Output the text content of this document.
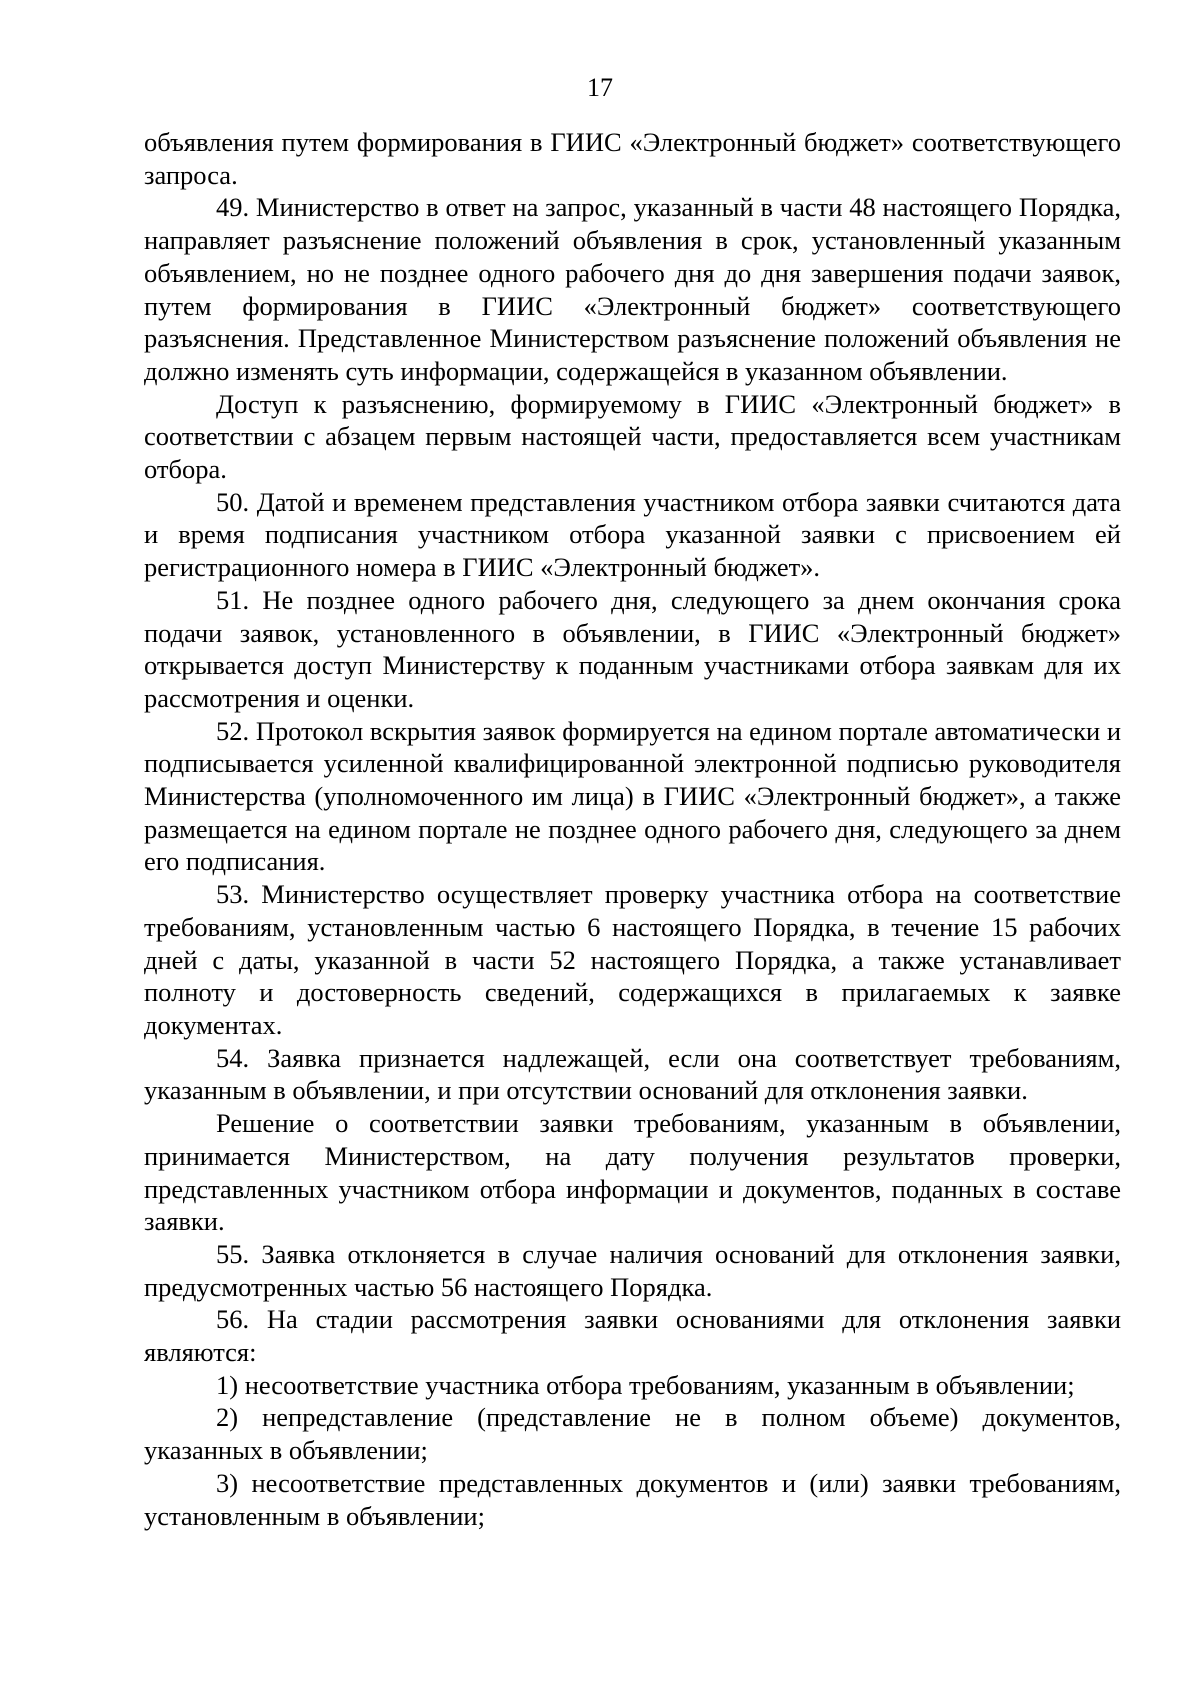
17

объявления путем формирования в ГИИС «Электронный бюджет» соответствующего запроса.

49. Министерство в ответ на запрос, указанный в части 48 настоящего Порядка, направляет разъяснение положений объявления в срок, установленный указанным объявлением, но не позднее одного рабочего дня до дня завершения подачи заявок, путем формирования в ГИИС «Электронный бюджет» соответствующего разъяснения. Представленное Министерством разъяснение положений объявления не должно изменять суть информации, содержащейся в указанном объявлении.

Доступ к разъяснению, формируемому в ГИИС «Электронный бюджет» в соответствии с абзацем первым настоящей части, предоставляется всем участникам отбора.

50. Датой и временем представления участником отбора заявки считаются дата и время подписания участником отбора указанной заявки с присвоением ей регистрационного номера в ГИИС «Электронный бюджет».

51. Не позднее одного рабочего дня, следующего за днем окончания срока подачи заявок, установленного в объявлении, в ГИИС «Электронный бюджет» открывается доступ Министерству к поданным участниками отбора заявкам для их рассмотрения и оценки.

52. Протокол вскрытия заявок формируется на едином портале автоматически и подписывается усиленной квалифицированной электронной подписью руководителя Министерства (уполномоченного им лица) в ГИИС «Электронный бюджет», а также размещается на едином портале не позднее одного рабочего дня, следующего за днем его подписания.

53. Министерство осуществляет проверку участника отбора на соответствие требованиям, установленным частью 6 настоящего Порядка, в течение 15 рабочих дней с даты, указанной в части 52 настоящего Порядка, а также устанавливает полноту и достоверность сведений, содержащихся в прилагаемых к заявке документах.

54. Заявка признается надлежащей, если она соответствует требованиям, указанным в объявлении, и при отсутствии оснований для отклонения заявки.

Решение о соответствии заявки требованиям, указанным в объявлении, принимается Министерством, на дату получения результатов проверки, представленных участником отбора информации и документов, поданных в составе заявки.

55. Заявка отклоняется в случае наличия оснований для отклонения заявки, предусмотренных частью 56 настоящего Порядка.

56. На стадии рассмотрения заявки основаниями для отклонения заявки являются:

1) несоответствие участника отбора требованиям, указанным в объявлении;

2) непредставление (представление не в полном объеме) документов, указанных в объявлении;

3) несоответствие представленных документов и (или) заявки требованиям, установленным в объявлении;
